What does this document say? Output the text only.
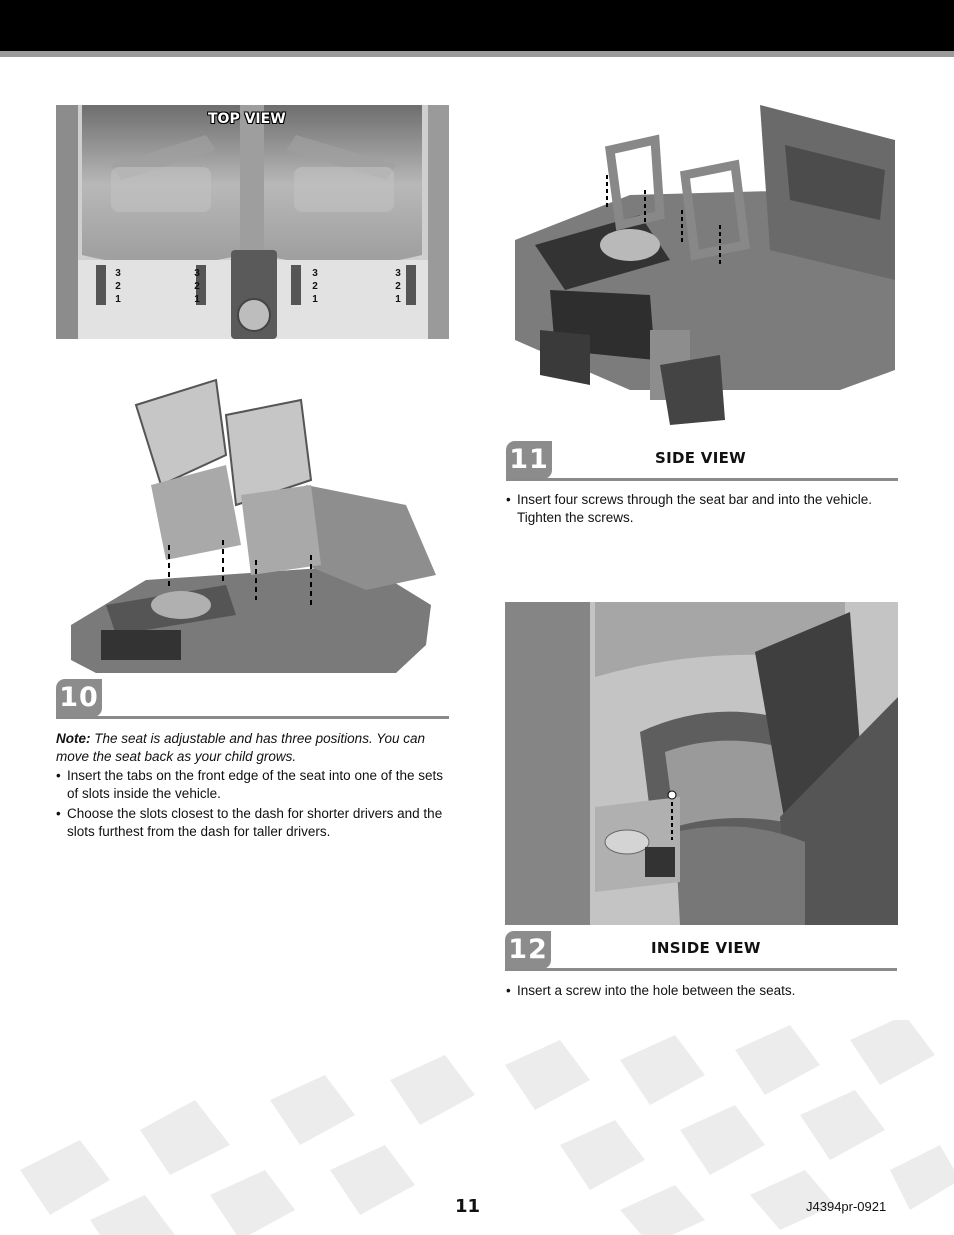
TOP VIEW
3
2
1
3
2
1
3
2
1
3
2
1
10
Note: The seat is adjustable and has three positions. You can move the seat back as your child grows.
• Insert the tabs on the front edge of the seat into one of the sets of slots inside the vehicle.
• Choose the slots closest to the dash for shorter drivers and the slots furthest from the dash for taller drivers.
11	SIDE VIEW
• Insert four screws through the seat bar and into the vehicle. Tighten the screws.
12	INSIDE VIEW
• Insert a screw into the hole between the seats.
11	J4394pr-0921
